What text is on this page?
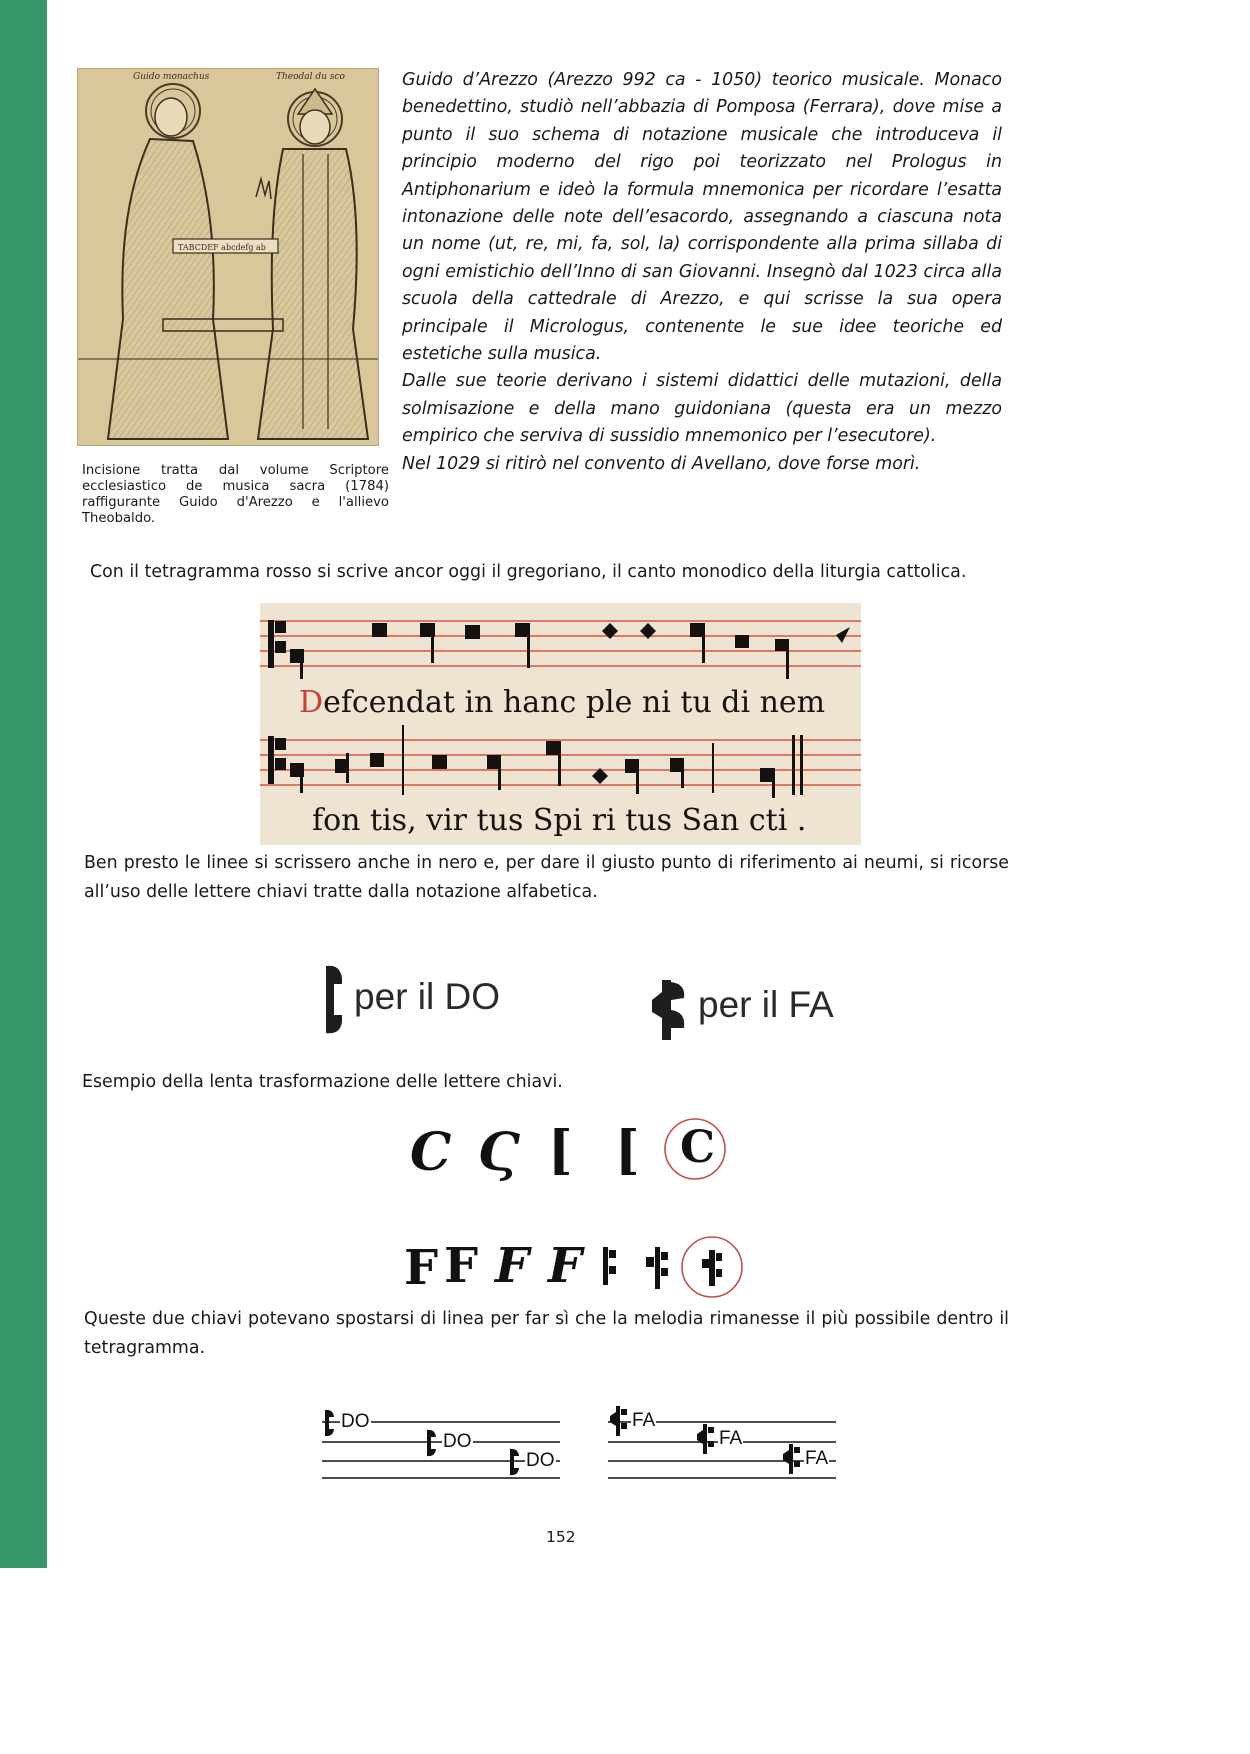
Guido monachus	Theodal du sco
TABCDEF abcdefg ab
Incisione tratta dal volume Scriptore ecclesiastico de musica sacra (1784) raffigurante Guido d'Arezzo e l'allievo Theobaldo.

Guido d’Arezzo (Arezzo 992 ca - 1050) teorico musicale. Monaco benedettino, studiò nell’abbazia di Pomposa (Ferrara), dove mise a punto il suo schema di notazione musicale che introduceva il principio moderno del rigo poi teorizzato nel Prologus in Antiphonarium e ideò la formula mnemonica per ricordare l’esatta intonazione delle note dell’esacordo, assegnando a ciascuna nota un nome (ut, re, mi, fa, sol, la) corrispondente alla prima sillaba di ogni emistichio dell’Inno di san Giovanni. Insegnò dal 1023 circa alla scuola della cattedrale di Arezzo, e qui scrisse la sua opera principale il Micrologus, contenente le sue idee teoriche ed estetiche sulla musica.

Dalle sue teorie derivano i sistemi didattici delle mutazioni, della solmisazione e della mano guidoniana (questa era un mezzo empirico che serviva di sussidio mnemonico per l’esecutore).

Nel 1029 si ritirò nel convento di Avellano, dove forse morì.

Con il tetragramma rosso si scrive ancor oggi il gregoriano, il canto monodico della liturgia cattolica.
Defcendat in hanc ple ni tu di nem
fon tis, vir tus Spi ri tus San cti .
Ben presto le linee si scrissero anche in nero e, per dare il giusto punto di riferimento ai neumi, si ricorse all’uso delle lettere chiavi tratte dalla notazione alfabetica.
per il DO	per il FA
Esempio della lenta trasformazione delle lettere chiavi.
C Ϛ [ [ C
F F F F
Queste due chiavi potevano spostarsi di linea per far sì che la melodia rimanesse il più possibile dentro il tetragramma.
DO
DO
DO
FA
FA
FA
152
